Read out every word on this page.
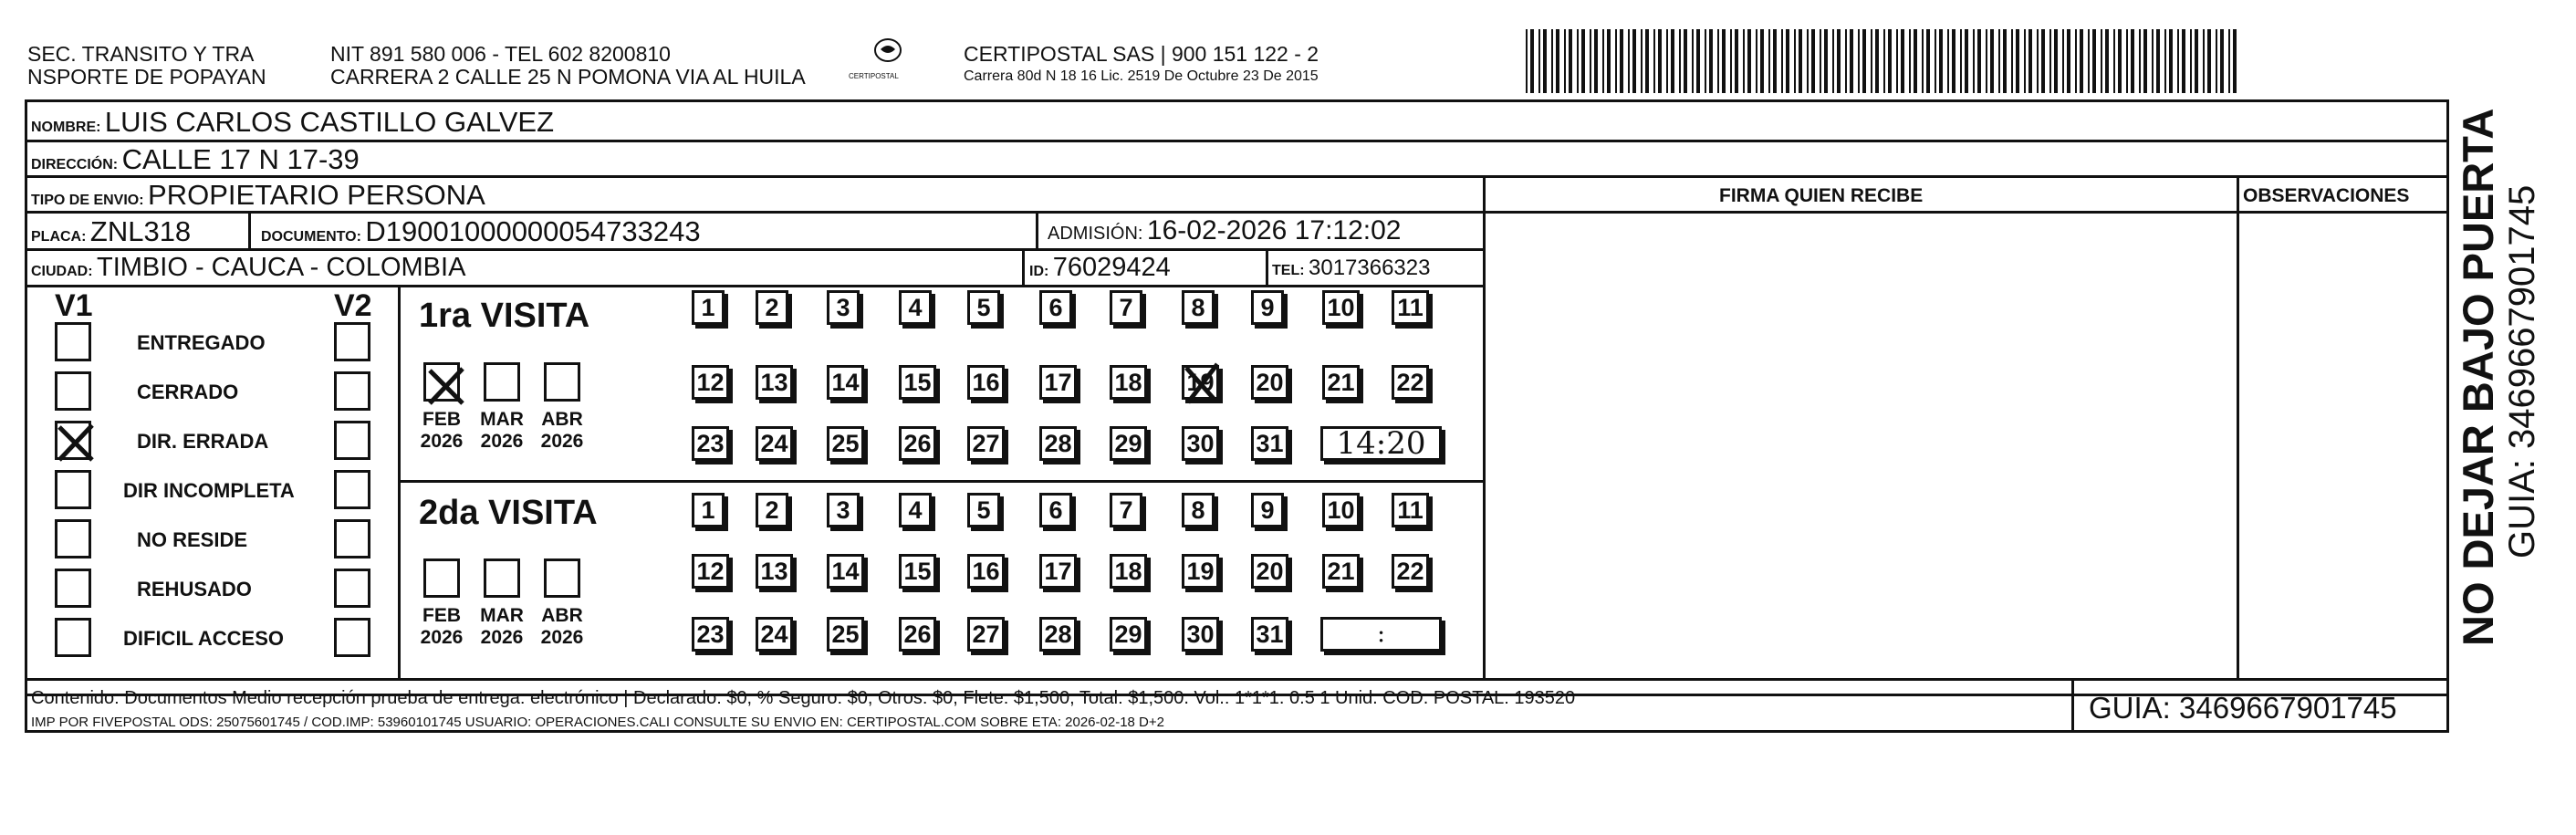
SEC. TRANSITO Y TRA
NSPORTE DE POPAYAN
NIT 891 580 006 - TEL 602 8200810
CARRERA 2 CALLE 25 N POMONA VIA AL HUILA	CERTIPOSTAL
CERTIPOSTAL SAS | 900 151 122 - 2
Carrera 80d N 18 16 Lic. 2519 De Octubre 23 De 2015
NOMBRE: LUIS CARLOS CASTILLO GALVEZ
DIRECCIÓN: CALLE 17 N 17-39
TIPO DE ENVIO: PROPIETARIO PERSONA	FIRMA QUIEN RECIBE	OBSERVACIONES
PLACA: ZNL318	DOCUMENTO: D19001000000054733243	ADMISIÓN: 16-02-2026 17:12:02
CIUDAD: TIMBIO - CAUCA - COLOMBIA	ID: 76029424	TEL: 3017366323
V1	V2
ENTREGADO
CERRADO
DIR. ERRADA
DIR INCOMPLETA
NO RESIDE
REHUSADO
DIFICIL ACCESO
1ra VISITA
2da VISITA
FEB
2026
MAR
2026
ABR
2026
FEB
2026
MAR
2026
ABR
2026
1	2	3	4	5	6	7	8	9	10 11
12 13 14 15 16 17 18 19 20 21 22
23 24 25 26 27 28 29 30 31	14:20
1	2	3	4	5	6	7	8	9	10 11
12 13 14 15 16 17 18 19 20 21 22
23 24 25 26 27 28 29 30 31	:
Contenido: Documentos Medio recepción prueba de entrega: electrónico | Declarado: $0, % Seguro: $0, Otros: $0, Flete: $1,500, Total: $1,500. Vol.: 1*1*1. 0.5 1 Unid. COD. POSTAL: 193520
IMP POR FIVEPOSTAL ODS: 25075601745 / COD.IMP: 53960101745 USUARIO: OPERACIONES.CALI CONSULTE SU ENVIO EN: CERTIPOSTAL.COM SOBRE ETA: 2026-02-18 D+2	GUIA: 3469667901745
NO DEJAR BAJO PUERTA GUIA: 3469667901745
